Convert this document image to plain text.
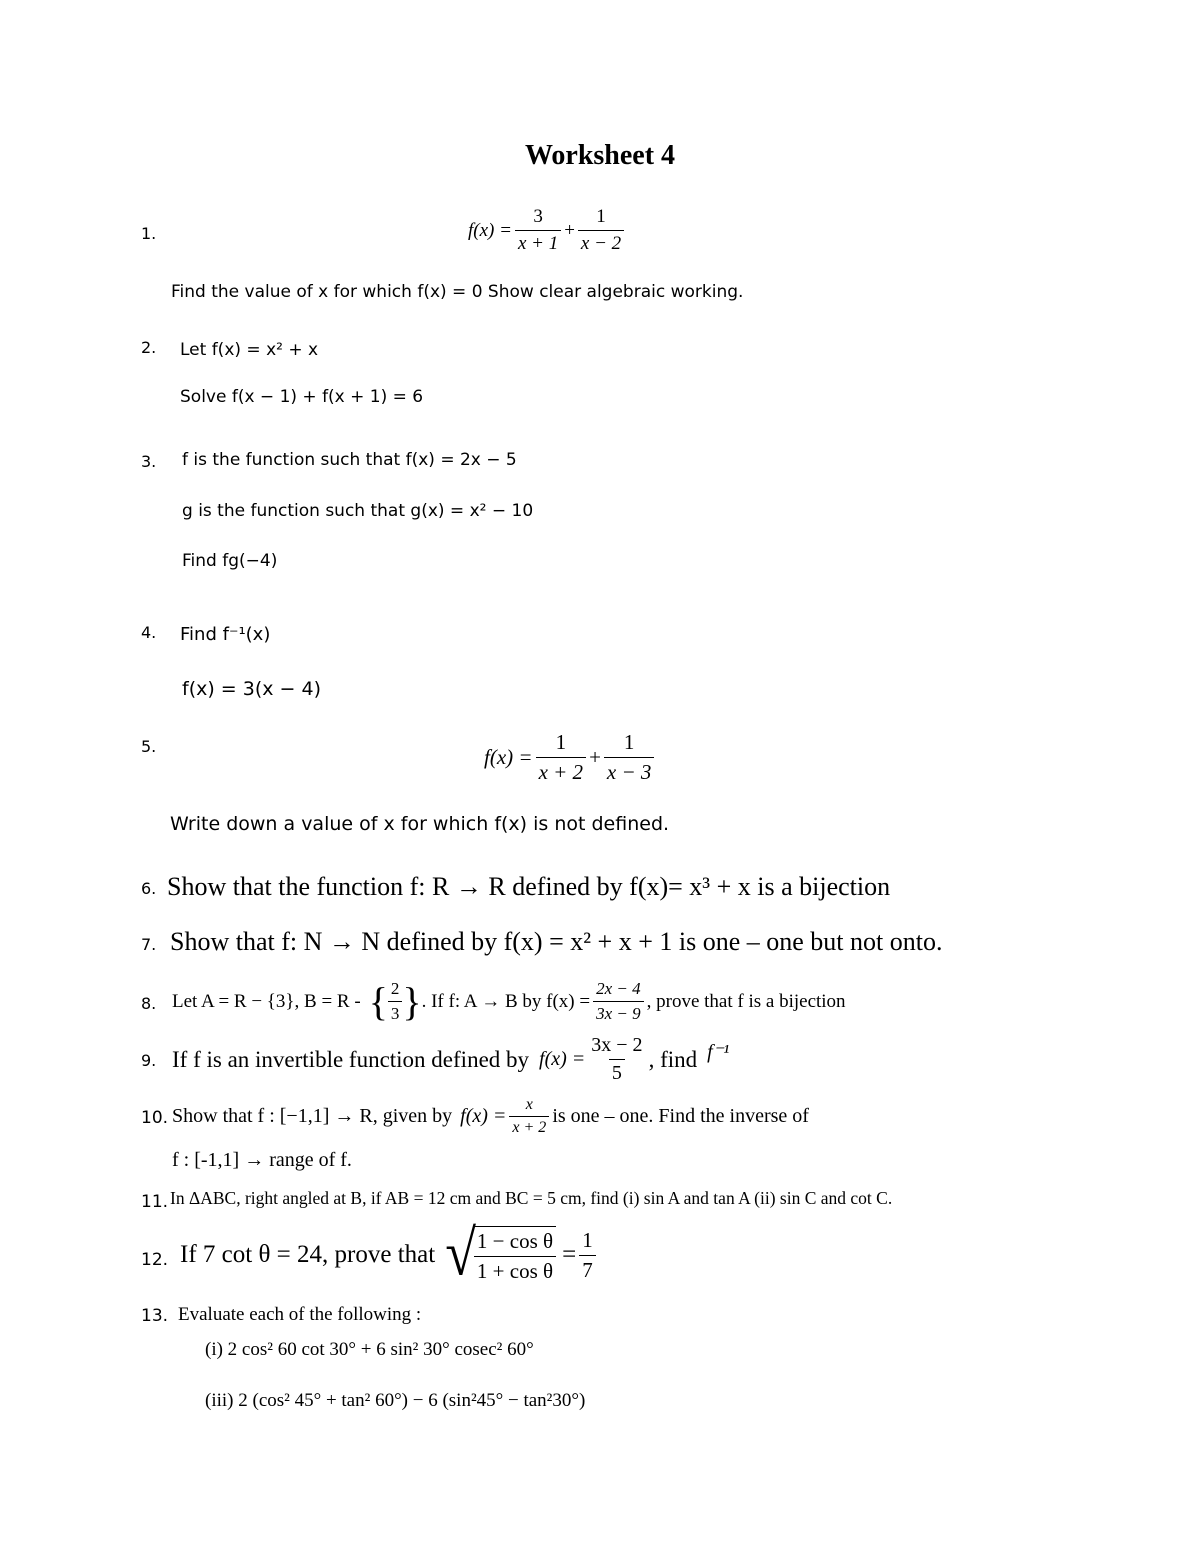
Worksheet 4
1.	$f(x) = \frac{3}{x + 1} + \frac{1}{x - 2}$
Find the value of x for which f(x) = 0 Show clear algebraic working.
2. Let f(x) = x² + x
Solve f(x − 1) + f(x + 1) = 6
3. f is the function such that f(x) = 2x − 5
g is the function such that g(x) = x² − 10
Find fg(−4)
4. Find f⁻¹(x)
f(x) = 3(x − 4)
5.	$f(x) = \frac{1}{x + 2} + \frac{1}{x - 3}$
Write down a value of x for which f(x) is not defined.
6. Show that the function f: R → R defined by f(x)= x³ + x is a bijection
7. Show that f: N → N defined by f(x) = x² + x + 1 is one – one but not onto.
8. Let A = R − {3}, B = R - { $\frac{2}{3}$ } . If f: A → B by $f(x) = \frac{2x - 4}{3x - 9}$ , prove that f is a bijection
9. If f is an invertible function defined by $f(x) = \frac{3x - 2}{5}$ , find f⁻¹
10. Show that f : [−1,1] → R, given by $f(x) = \frac{x}{x + 2}$ is one – one. Find the inverse of
f : [-1,1] → range of f.
11. In ΔABC, right angled at B, if AB = 12 cm and BC = 5 cm, find (i) sin A and tan A (ii) sin C and cot C.
12. If 7 cot θ = 24, prove that √
$\frac{\text{1 − cos θ}}{\text{1 + cos θ}} = \frac{1}{7}$
13. Evaluate each of the following :
(i) 2 cos² 60 cot 30° + 6 sin² 30° cosec² 60°
(iii) 2 (cos² 45° + tan² 60°) − 6 (sin²45° − tan²30°)
